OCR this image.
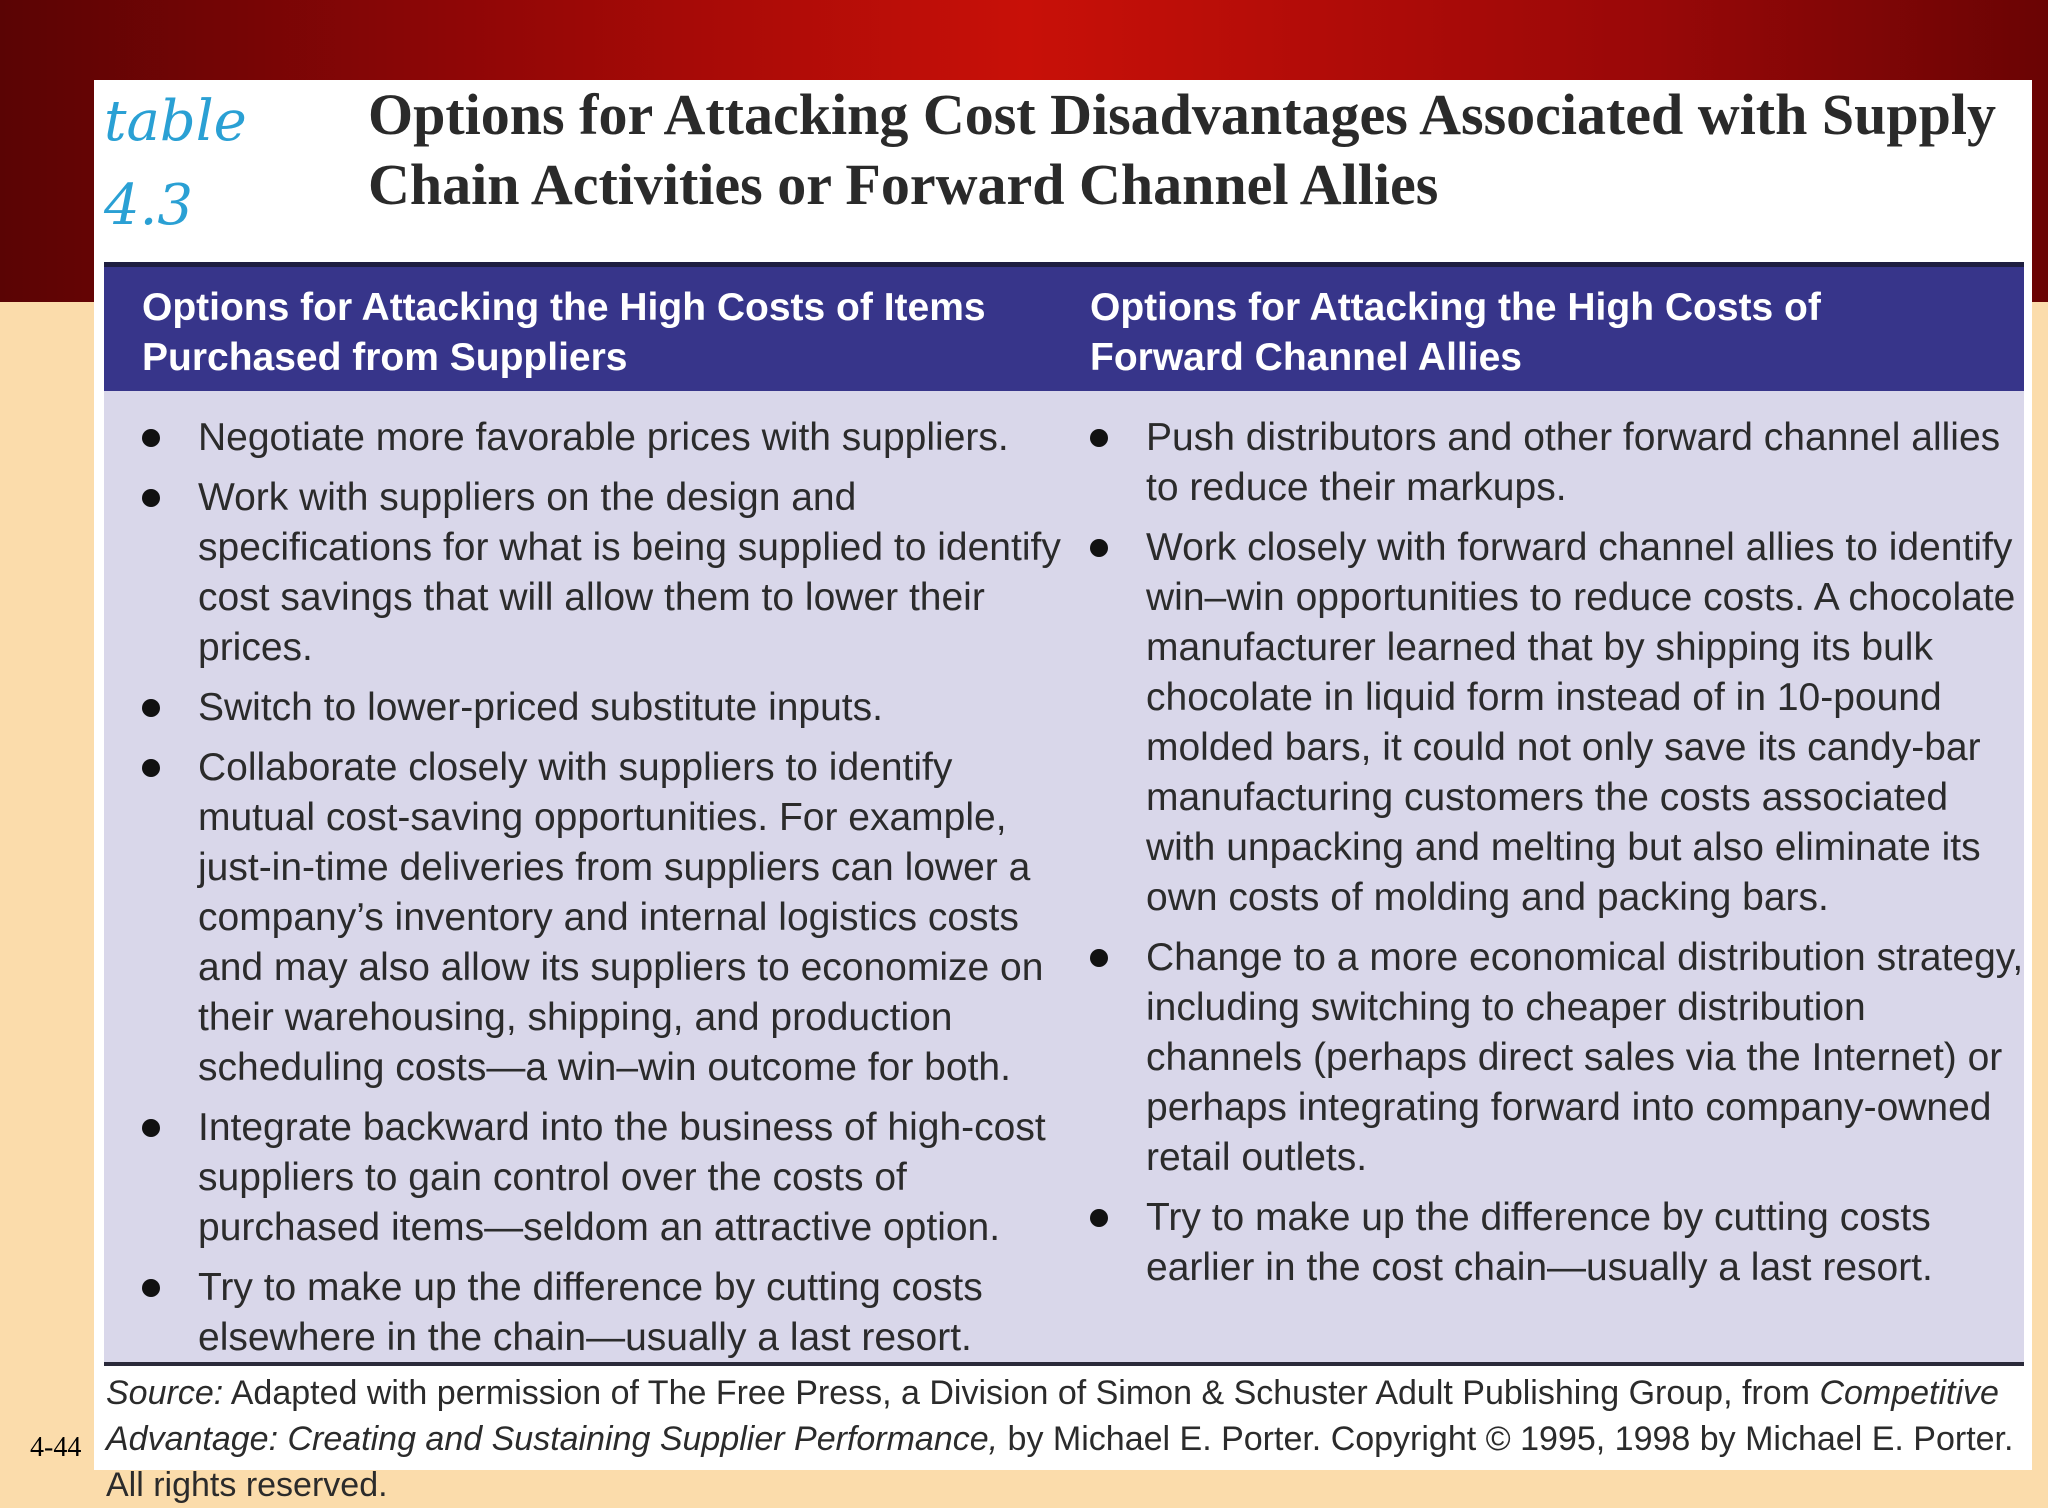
table 4.3
Options for Attacking Cost Disadvantages Associated with Supply Chain Activities or Forward Channel Allies
Options for Attacking the High Costs of Items Purchased from Suppliers
Options for Attacking the High Costs of Forward Channel Allies
Negotiate more favorable prices with suppliers.
Work with suppliers on the design and specifications for what is being supplied to identify cost savings that will allow them to lower their prices.
Switch to lower-priced substitute inputs.
Collaborate closely with suppliers to identify mutual cost-saving opportunities. For example, just-in-time deliveries from suppliers can lower a company’s inventory and internal logistics costs and may also allow its suppliers to economize on their warehousing, shipping, and production scheduling costs—a win–win outcome for both.
Integrate backward into the business of high-cost suppliers to gain control over the costs of purchased items—seldom an attractive option.
Try to make up the difference by cutting costs elsewhere in the chain—usually a last resort.
Push distributors and other forward channel allies to reduce their markups.
Work closely with forward channel allies to identify win–win opportunities to reduce costs. A chocolate manufacturer learned that by shipping its bulk chocolate in liquid form instead of in 10-pound molded bars, it could not only save its candy-bar manufacturing customers the costs associated with unpacking and melting but also eliminate its own costs of molding and packing bars.
Change to a more economical distribution strategy, including switching to cheaper distribution channels (perhaps direct sales via the Internet) or perhaps integrating forward into company-owned retail outlets.
Try to make up the difference by cutting costs earlier in the cost chain—usually a last resort.
Source: Adapted with permission of The Free Press, a Division of Simon & Schuster Adult Publishing Group, from Competitive Advantage: Creating and Sustaining Supplier Performance, by Michael E. Porter. Copyright © 1995, 1998 by Michael E. Porter. All rights reserved.
4-44
